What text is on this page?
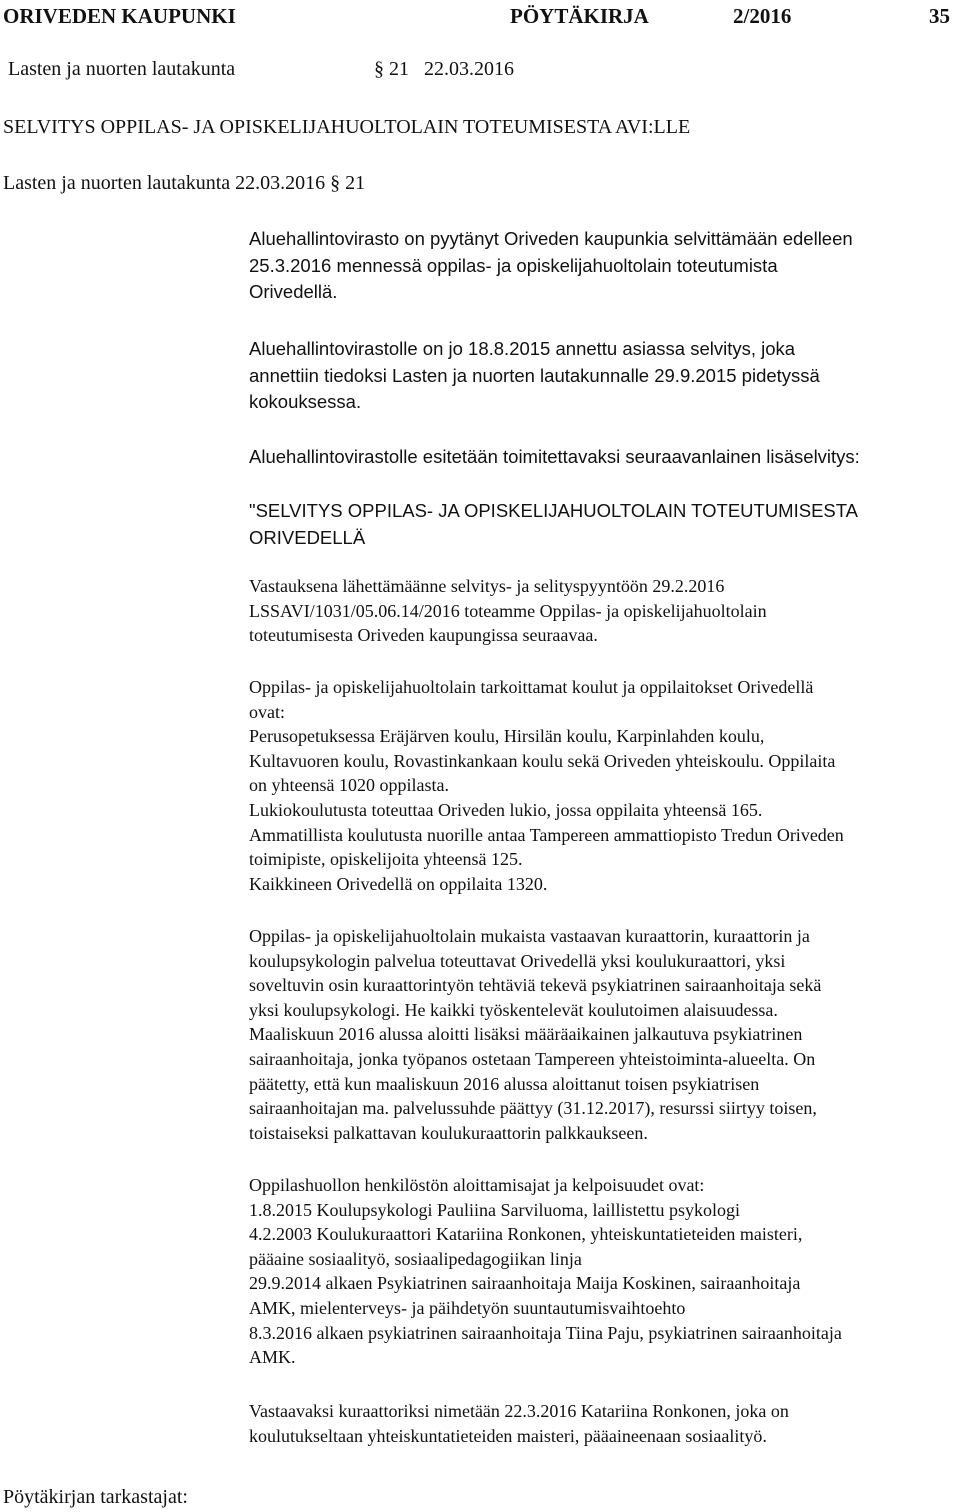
ORIVEDEN KAUPUNKI	PÖYTÄKIRJA	2/2016	35
Lasten ja nuorten lautakunta	§ 21 22.03.2016
SELVITYS OPPILAS- JA OPISKELIJAHUOLTOLAIN TOTEUMISESTA AVI:LLE
Lasten ja nuorten lautakunta 22.03.2016 § 21
Aluehallintovirasto on pyytänyt Oriveden kaupunkia selvittämään edelleen
25.3.2016 mennessä oppilas- ja opiskelijahuoltolain toteutumista
Orivedellä.
Aluehallintovirastolle on jo 18.8.2015 annettu asiassa selvitys, joka
annettiin tiedoksi Lasten ja nuorten lautakunnalle 29.9.2015 pidetyssä
kokouksessa.
Aluehallintovirastolle esitetään toimitettavaksi seuraavanlainen lisäselvitys:
"SELVITYS OPPILAS- JA OPISKELIJAHUOLTOLAIN TOTEUTUMISESTA
ORIVEDELLÄ
Vastauksena lähettämäänne selvitys- ja selityspyyntöön 29.2.2016
LSSAVI/1031/05.06.14/2016 toteamme Oppilas- ja opiskelijahuoltolain
toteutumisesta Oriveden kaupungissa seuraavaa.
Oppilas- ja opiskelijahuoltolain tarkoittamat koulut ja oppilaitokset Orivedellä
ovat:
Perusopetuksessa Eräjärven koulu, Hirsilän koulu, Karpinlahden koulu,
Kultavuoren koulu, Rovastinkankaan koulu sekä Oriveden yhteiskoulu. Oppilaita
on yhteensä 1020 oppilasta.
Lukiokoulutusta toteuttaa Oriveden lukio, jossa oppilaita yhteensä 165.
Ammatillista koulutusta nuorille antaa Tampereen ammattiopisto Tredun Oriveden
toimipiste, opiskelijoita yhteensä 125.
Kaikkineen Orivedellä on oppilaita 1320.
Oppilas- ja opiskelijahuoltolain mukaista vastaavan kuraattorin, kuraattorin ja
koulupsykologin palvelua toteuttavat Orivedellä yksi koulukuraattori, yksi
soveltuvin osin kuraattorintyön tehtäviä tekevä psykiatrinen sairaanhoitaja sekä
yksi koulupsykologi. He kaikki työskentelevät koulutoimen alaisuudessa.
Maaliskuun 2016 alussa aloitti lisäksi määräaikainen jalkautuva psykiatrinen
sairaanhoitaja, jonka työpanos ostetaan Tampereen yhteistoiminta-alueelta. On
päätetty, että kun maaliskuun 2016 alussa aloittanut toisen psykiatrisen
sairaanhoitajan ma. palvelussuhde päättyy (31.12.2017), resurssi siirtyy toisen,
toistaiseksi palkattavan koulukuraattorin palkkaukseen.
Oppilashuollon henkilöstön aloittamisajat ja kelpoisuudet ovat:
1.8.2015 Koulupsykologi Pauliina Sarviluoma, laillistettu psykologi
4.2.2003 Koulukuraattori Katariina Ronkonen, yhteiskuntatieteiden maisteri,
pääaine sosiaalityö, sosiaalipedagogiikan linja
29.9.2014 alkaen Psykiatrinen sairaanhoitaja Maija Koskinen, sairaanhoitaja
AMK, mielenterveys- ja päihdetyön suuntautumisvaihtoehto
8.3.2016 alkaen psykiatrinen sairaanhoitaja Tiina Paju, psykiatrinen sairaanhoitaja
AMK.
Vastaavaksi kuraattoriksi nimetään 22.3.2016 Katariina Ronkonen, joka on
koulutukseltaan yhteiskuntatieteiden maisteri, pääaineenaan sosiaalityö.
Pöytäkirjan tarkastajat:
